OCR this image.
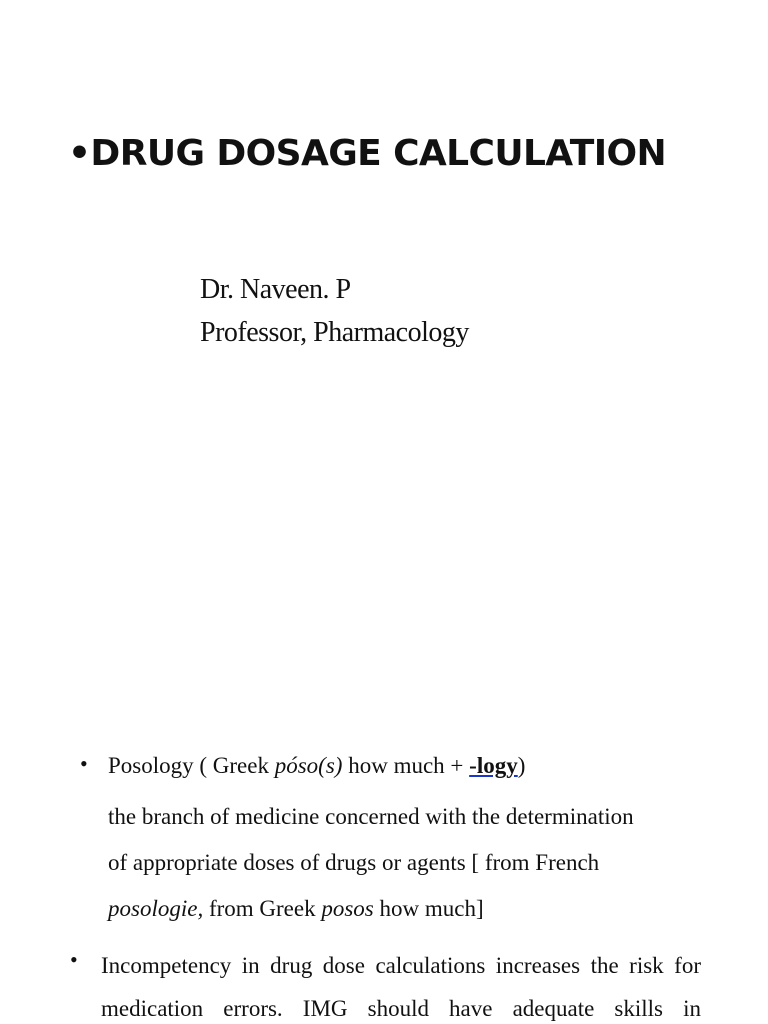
•DRUG DOSAGE CALCULATION
Dr. Naveen. P
Professor, Pharmacology
• Posology ( Greek póso(s) how much + -logy)
the branch of medicine concerned with the determination
of appropriate doses of drugs or agents [ from French
posologie, from Greek posos how much]
• Incompetency in drug dose calculations increases the risk for
medication errors. IMG should have adequate skills in
